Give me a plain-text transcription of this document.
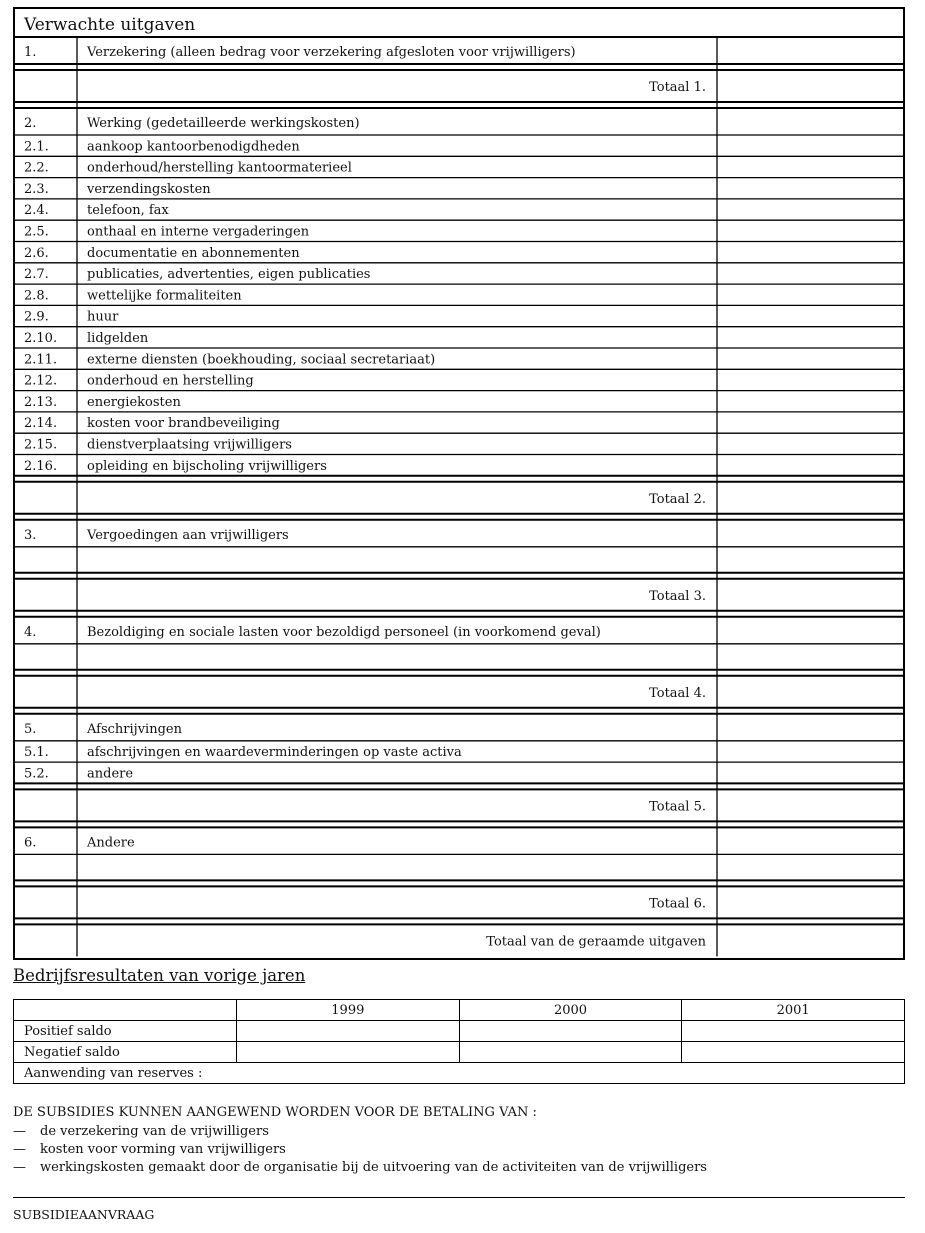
Verwachte uitgaven
1.	Verzekering (alleen bedrag voor verzekering afgesloten voor vrijwilligers)
Totaal 1.
2.	Werking (gedetailleerde werkingskosten)
2.1.	aankoop kantoorbenodigdheden
2.2.	onderhoud/herstelling kantoormaterieel
2.3.	verzendingskosten
2.4.	telefoon, fax
2.5.	onthaal en interne vergaderingen
2.6.	documentatie en abonnementen
2.7.	publicaties, advertenties, eigen publicaties
2.8.	wettelijke formaliteiten
2.9.	huur
2.10. lidgelden
2.11. externe diensten (boekhouding, sociaal secretariaat)
2.12. onderhoud en herstelling
2.13. energiekosten
2.14. kosten voor brandbeveiliging
2.15. dienstverplaatsing vrijwilligers
2.16. opleiding en bijscholing vrijwilligers
Totaal 2.
3.	Vergoedingen aan vrijwilligers
Totaal 3.
4.	Bezoldiging en sociale lasten voor bezoldigd personeel (in voorkomend geval)
Totaal 4.
5.	Afschrijvingen
5.1.	afschrijvingen en waardeverminderingen op vaste activa
5.2.	andere
Totaal 5.
6.	Andere
Totaal 6.
Totaal van de geraamde uitgaven
Bedrijfsresultaten van vorige jaren
	1999	2000	2001
Positief saldo			
Negatief saldo			
Aanwending van reserves :			

DE SUBSIDIES KUNNEN AANGEWEND WORDEN VOOR DE BETALING VAN :

— de verzekering van de vrijwilligers

— kosten voor vorming van vrijwilligers

— werkingskosten gemaakt door de organisatie bij de uitvoering van de activiteiten van de vrijwilligers

SUBSIDIEAANVRAAG
